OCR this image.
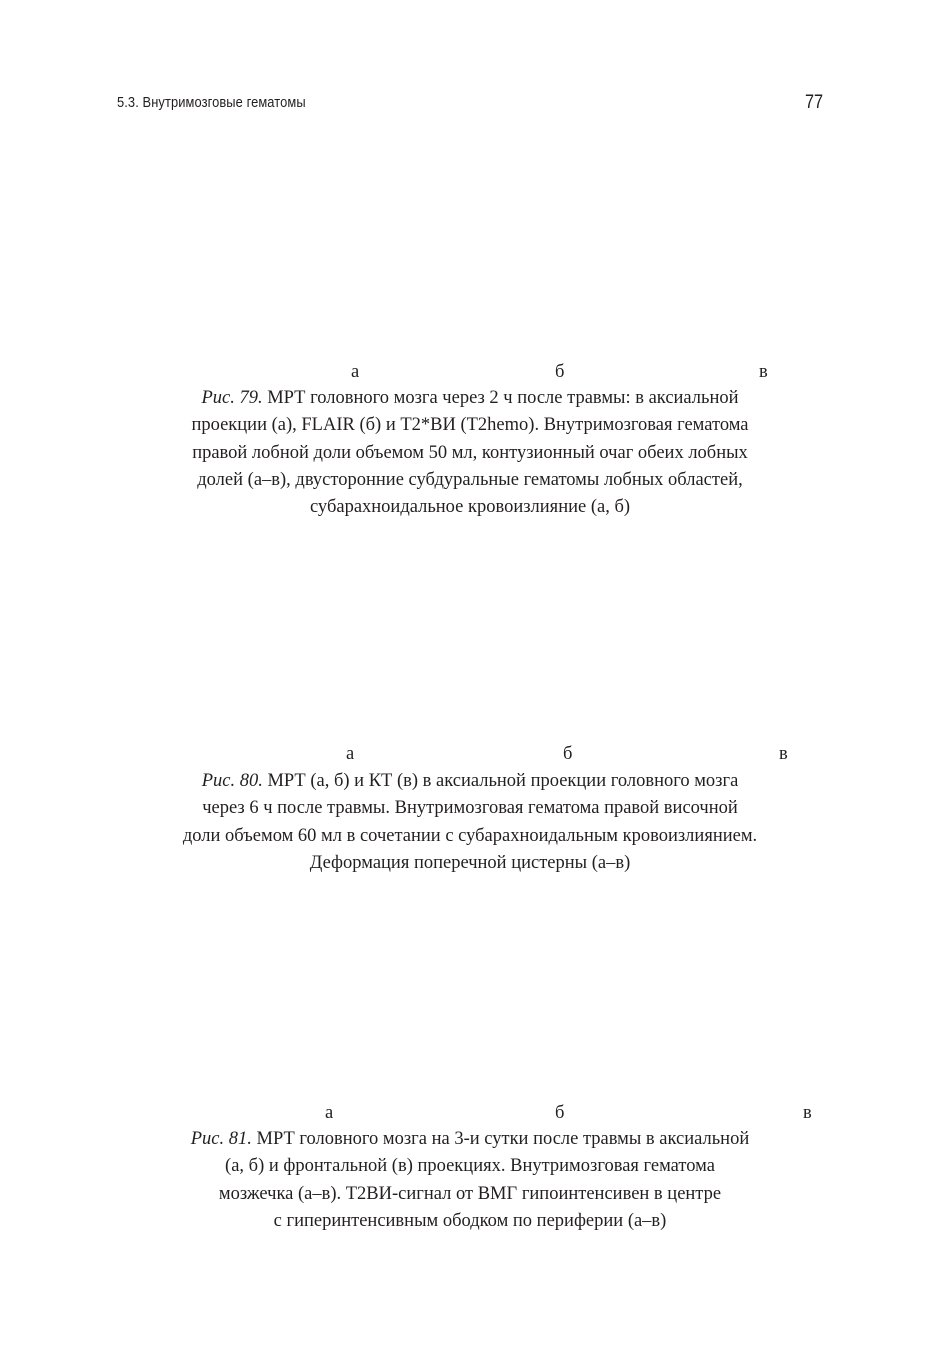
5.3. Внутримозговые гематомы	77
а	б	в
Рис. 79. МРТ головного мозга через 2 ч после травмы: в аксиальной
проекции (а), FLAIR (б) и T2*ВИ (T2hemo). Внутримозговая гематома
правой лобной доли объемом 50 мл, контузионный очаг обеих лобных
долей (а–в), двусторонние субдуральные гематомы лобных областей,
субарахноидальное кровоизлияние (а, б)
а	б	в
Рис. 80. МРТ (а, б) и КТ (в) в аксиальной проекции головного мозга
через 6 ч после травмы. Внутримозговая гематома правой височной
доли объемом 60 мл в сочетании с субарахноидальным кровоизлиянием.
Деформация поперечной цистерны (а–в)
а	б	в
Рис. 81. МРТ головного мозга на 3-и сутки после травмы в аксиальной
(а, б) и фронтальной (в) проекциях. Внутримозговая гематома
мозжечка (а–в). Т2ВИ-сигнал от ВМГ гипоинтенсивен в центре
с гиперинтенсивным ободком по периферии (а–в)
